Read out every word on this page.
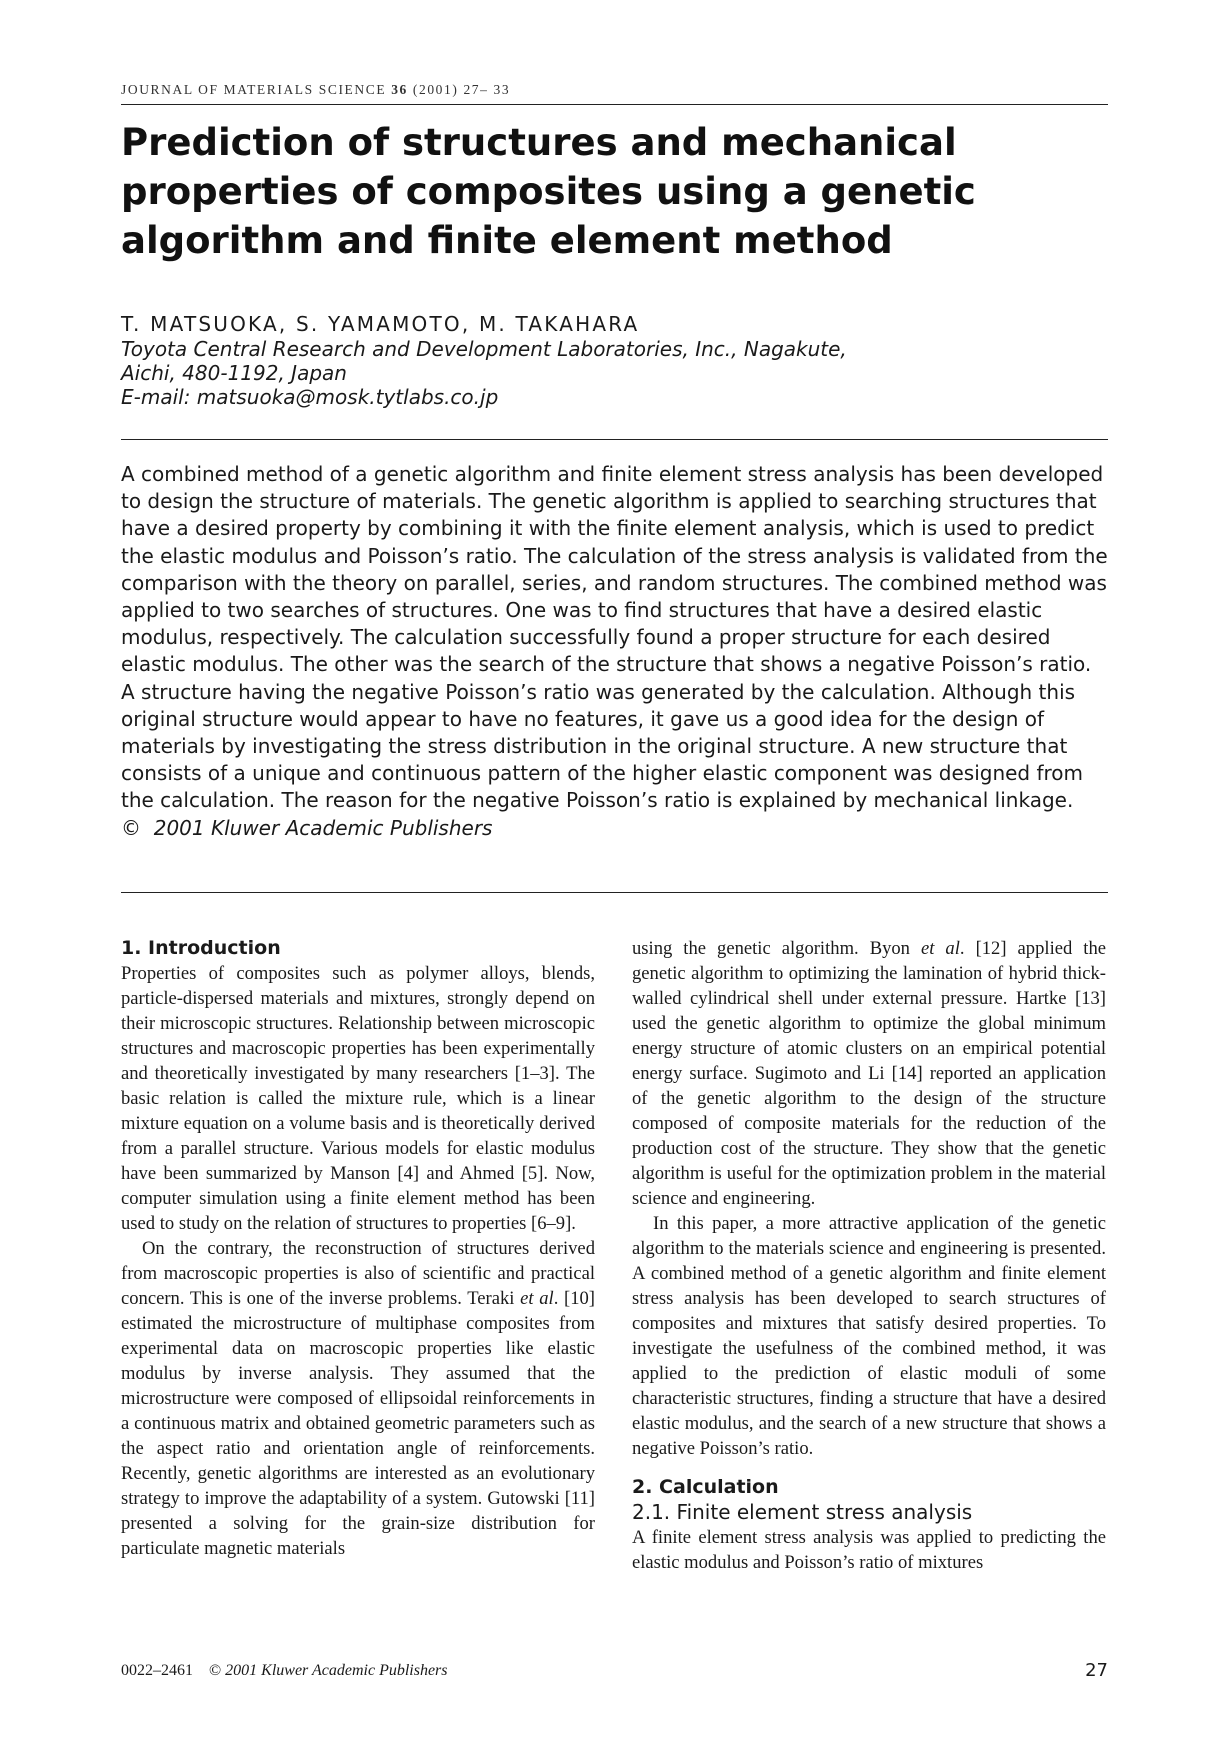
JOURNAL OF MATERIALS SCIENCE 36 (2001) 27– 33
Prediction of structures and mechanical properties of composites using a genetic algorithm and finite element method
T. MATSUOKA, S. YAMAMOTO, M. TAKAHARA
Toyota Central Research and Development Laboratories, Inc., Nagakute,
Aichi, 480-1192, Japan
E-mail: matsuoka@mosk.tytlabs.co.jp
A combined method of a genetic algorithm and finite element stress analysis has been developed to design the structure of materials. The genetic algorithm is applied to searching structures that have a desired property by combining it with the finite element analysis, which is used to predict the elastic modulus and Poisson’s ratio. The calculation of the stress analysis is validated from the comparison with the theory on parallel, series, and random structures. The combined method was applied to two searches of structures. One was to find structures that have a desired elastic modulus, respectively. The calculation successfully found a proper structure for each desired elastic modulus. The other was the search of the structure that shows a negative Poisson’s ratio. A structure having the negative Poisson’s ratio was generated by the calculation. Although this original structure would appear to have no features, it gave us a good idea for the design of materials by investigating the stress distribution in the original structure. A new structure that consists of a unique and continuous pattern of the higher elastic component was designed from the calculation. The reason for the negative Poisson’s ratio is explained by mechanical linkage.
© 2001 Kluwer Academic Publishers
1. Introduction

Properties of composites such as polymer alloys, blends, particle-dispersed materials and mixtures, strongly depend on their microscopic structures. Relationship between microscopic structures and macroscopic properties has been experimentally and theoretically investigated by many researchers [1–3]. The basic relation is called the mixture rule, which is a linear mixture equation on a volume basis and is theoretically derived from a parallel structure. Various models for elastic modulus have been summarized by Manson [4] and Ahmed [5]. Now, computer simulation using a finite element method has been used to study on the relation of structures to properties [6–9].

On the contrary, the reconstruction of structures derived from macroscopic properties is also of scientific and practical concern. This is one of the inverse problems. Teraki et al. [10] estimated the microstructure of multiphase composites from experimental data on macroscopic properties like elastic modulus by inverse analysis. They assumed that the microstructure were composed of ellipsoidal reinforcements in a continuous matrix and obtained geometric parameters such as the aspect ratio and orientation angle of reinforcements. Recently, genetic algorithms are interested as an evolutionary strategy to improve the adaptability of a system. Gutowski [11] presented a solving for the grain-size distribution for particulate magnetic materials

using the genetic algorithm. Byon et al. [12] applied the genetic algorithm to optimizing the lamination of hybrid thick-walled cylindrical shell under external pressure. Hartke [13] used the genetic algorithm to optimize the global minimum energy structure of atomic clusters on an empirical potential energy surface. Sugimoto and Li [14] reported an application of the genetic algorithm to the design of the structure composed of composite materials for the reduction of the production cost of the structure. They show that the genetic algorithm is useful for the optimization problem in the material science and engineering.

In this paper, a more attractive application of the genetic algorithm to the materials science and engineering is presented. A combined method of a genetic algorithm and finite element stress analysis has been developed to search structures of composites and mixtures that satisfy desired properties. To investigate the usefulness of the combined method, it was applied to the prediction of elastic moduli of some characteristic structures, finding a structure that have a desired elastic modulus, and the search of a new structure that shows a negative Poisson’s ratio.

2. Calculation
2.1. Finite element stress analysis

A finite element stress analysis was applied to predicting the elastic modulus and Poisson’s ratio of mixtures

0022–2461 © 2001 Kluwer Academic Publishers	27
